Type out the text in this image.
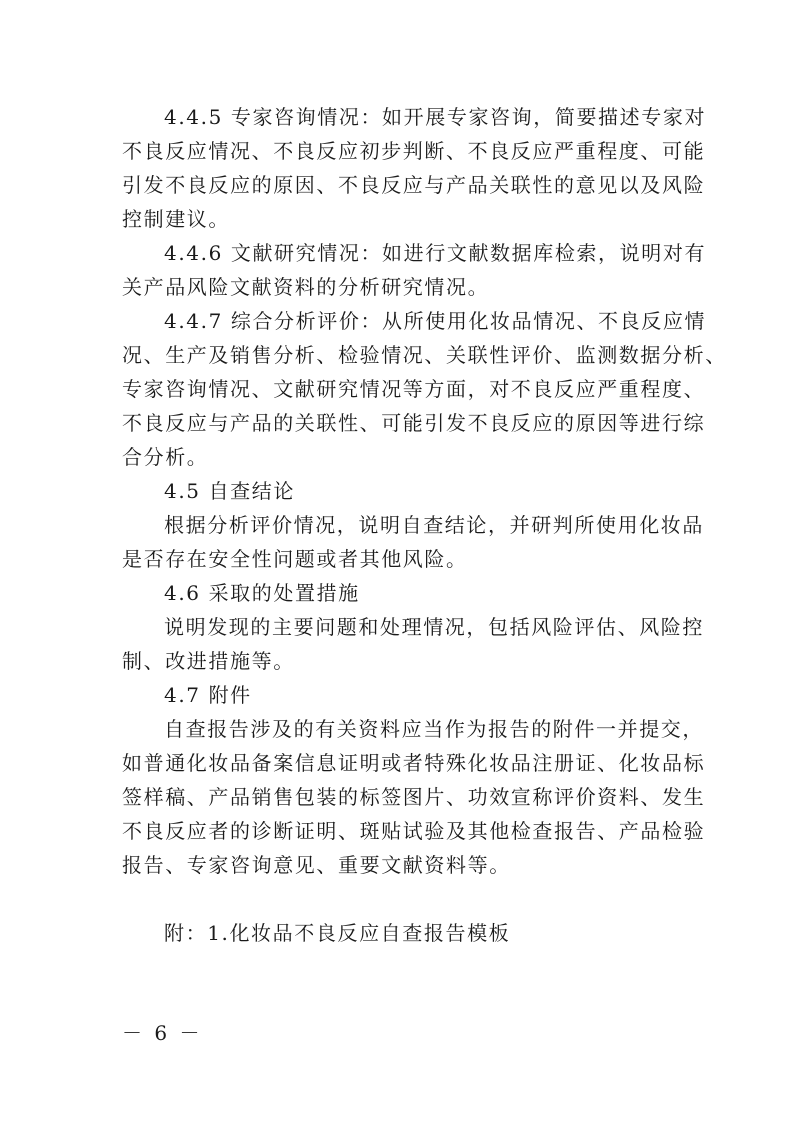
4.4.5 专家咨询情况：如开展专家咨询，简要描述专家对
不良反应情况、不良反应初步判断、不良反应严重程度、可能
引发不良反应的原因、不良反应与产品关联性的意见以及风险
控制建议。
4.4.6 文献研究情况：如进行文献数据库检索，说明对有
关产品风险文献资料的分析研究情况。
4.4.7 综合分析评价：从所使用化妆品情况、不良反应情
况、生产及销售分析、检验情况、关联性评价、监测数据分析、
专家咨询情况、文献研究情况等方面，对不良反应严重程度、
不良反应与产品的关联性、可能引发不良反应的原因等进行综
合分析。
4.5 自查结论
根据分析评价情况，说明自查结论，并研判所使用化妆品
是否存在安全性问题或者其他风险。
4.6 采取的处置措施
说明发现的主要问题和处理情况，包括风险评估、风险控
制、改进措施等。
4.7 附件
自查报告涉及的有关资料应当作为报告的附件一并提交，
如普通化妆品备案信息证明或者特殊化妆品注册证、化妆品标
签样稿、产品销售包装的标签图片、功效宣称评价资料、发生
不良反应者的诊断证明、斑贴试验及其他检查报告、产品检验
报告、专家咨询意见、重要文献资料等。
附：1.化妆品不良反应自查报告模板
－ 6 －
